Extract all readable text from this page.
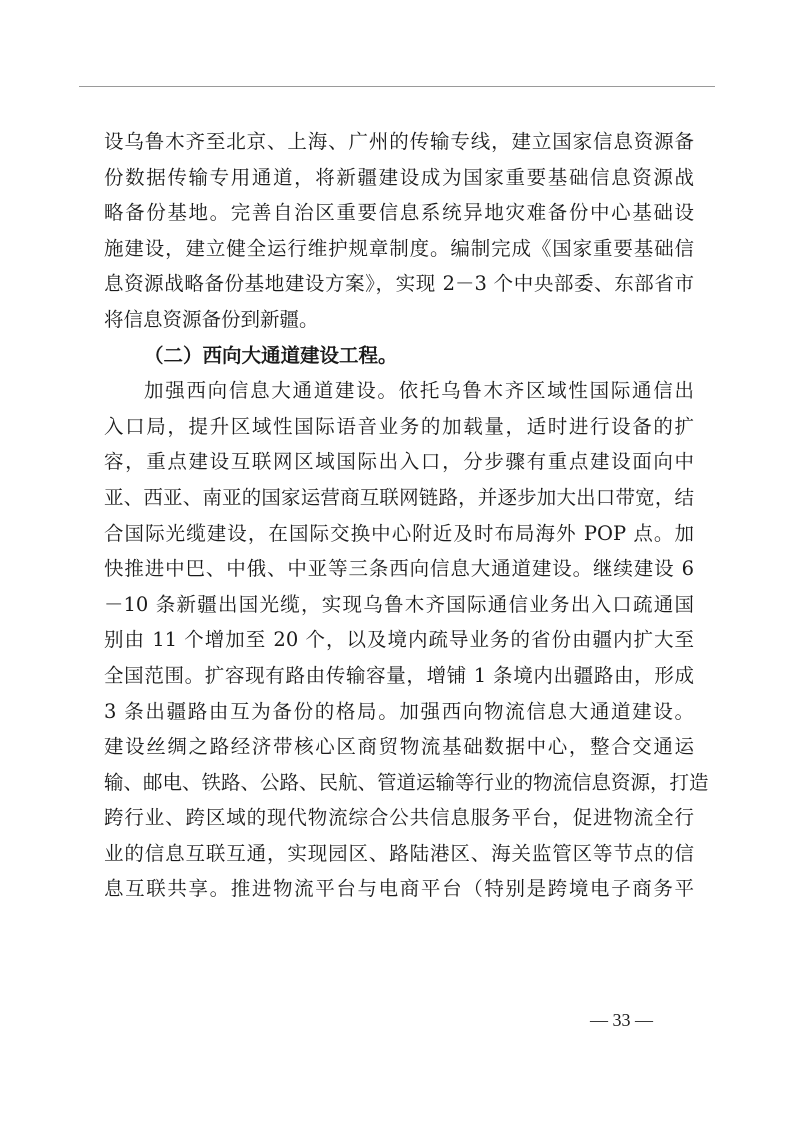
设乌鲁木齐至北京、上海、广州的传输专线，建立国家信息资源备
份数据传输专用通道，将新疆建设成为国家重要基础信息资源战
略备份基地。完善自治区重要信息系统异地灾难备份中心基础设
施建设，建立健全运行维护规章制度。编制完成《国家重要基础信
息资源战略备份基地建设方案》，实现 2－3 个中央部委、东部省市
将信息资源备份到新疆。
（二）西向大通道建设工程。
加强西向信息大通道建设。依托乌鲁木齐区域性国际通信出
入口局，提升区域性国际语音业务的加载量，适时进行设备的扩
容，重点建设互联网区域国际出入口，分步骤有重点建设面向中
亚、西亚、南亚的国家运营商互联网链路，并逐步加大出口带宽，结
合国际光缆建设，在国际交换中心附近及时布局海外 POP 点。加
快推进中巴、中俄、中亚等三条西向信息大通道建设。继续建设 6
－10 条新疆出国光缆，实现乌鲁木齐国际通信业务出入口疏通国
别由 11 个增加至 20 个，以及境内疏导业务的省份由疆内扩大至
全国范围。扩容现有路由传输容量，增铺 1 条境内出疆路由，形成
3 条出疆路由互为备份的格局。加强西向物流信息大通道建设。
建设丝绸之路经济带核心区商贸物流基础数据中心，整合交通运
输、邮电、铁路、公路、民航、管道运输等行业的物流信息资源，打造
跨行业、跨区域的现代物流综合公共信息服务平台，促进物流全行
业的信息互联互通，实现园区、路陆港区、海关监管区等节点的信
息互联共享。推进物流平台与电商平台（特别是跨境电子商务平
— 33 —
